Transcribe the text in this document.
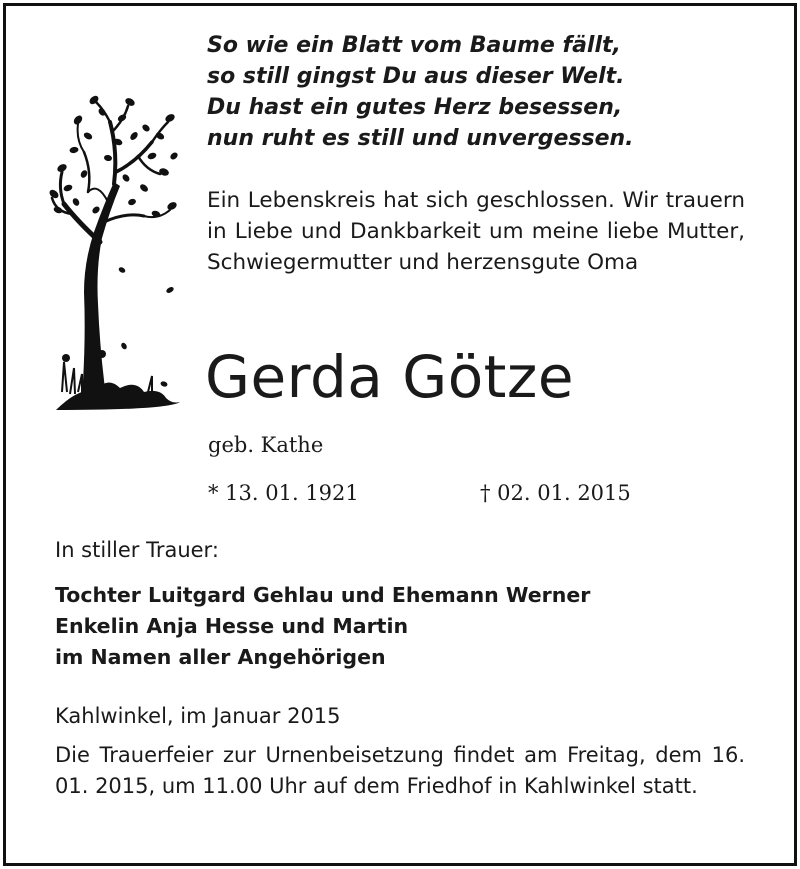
So wie ein Blatt vom Baume fällt,
so still gingst Du aus dieser Welt.
Du hast ein gutes Herz besessen,
nun ruht es still und unvergessen.
Ein Lebenskreis hat sich geschlossen. Wir trauern in Liebe und Dankbarkeit um meine liebe Mutter, Schwiegermutter und herzensgute Oma
Gerda Götze
geb. Kathe
* 13. 01. 1921	† 02. 01. 2015
In stiller Trauer:
Tochter Luitgard Gehlau und Ehemann Werner
Enkelin Anja Hesse und Martin
im Namen aller Angehörigen
Kahlwinkel, im Januar 2015
Die Trauerfeier zur Urnenbeisetzung findet am Freitag, dem 16. 01. 2015, um 11.00 Uhr auf dem Friedhof in Kahlwinkel statt.
